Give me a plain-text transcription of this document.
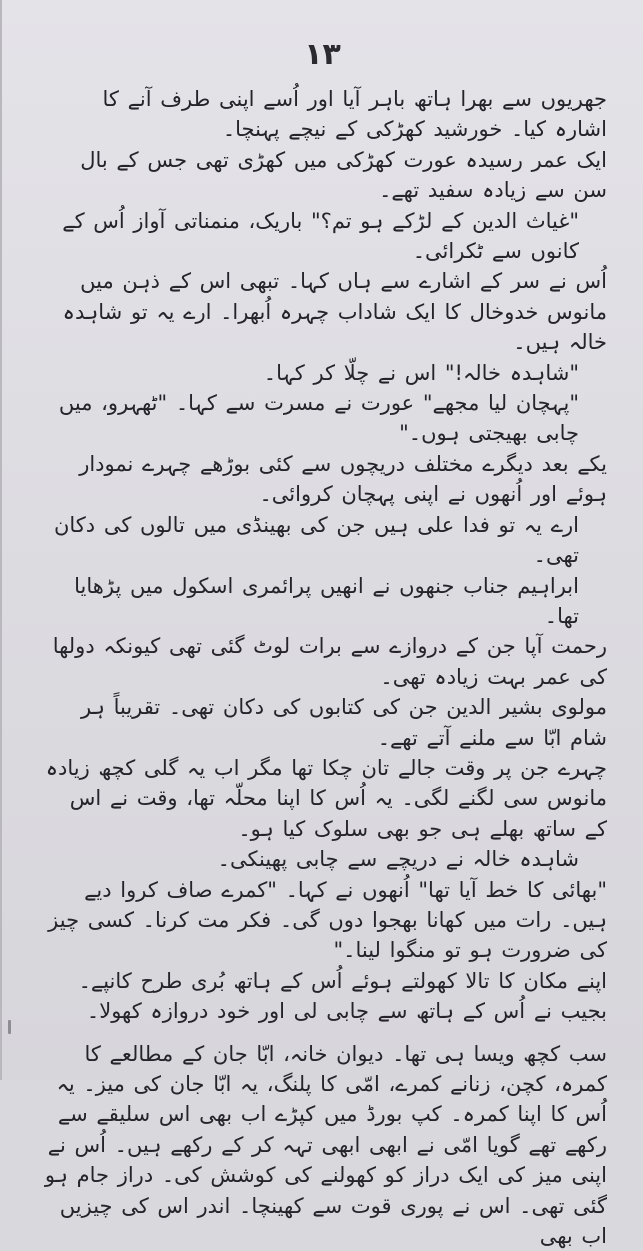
۱۳

جھریوں سے بھرا ہاتھ باہر آیا اور اُسے اپنی طرف آنے کا اشارہ کیا۔ خورشید کھڑکی کے نیچے پہنچا۔

ایک عمر رسیدہ عورت کھڑکی میں کھڑی تھی جس کے بال سن سے زیادہ سفید تھے۔

"غیاث الدین کے لڑکے ہو تم؟" باریک، منمناتی آواز اُس کے کانوں سے ٹکرائی۔

اُس نے سر کے اشارے سے ہاں کہا۔ تبھی اس کے ذہن میں مانوس خدوخال کا ایک شاداب چہرہ اُبھرا۔ ارے یہ تو شاہدہ خالہ ہیں۔

"شاہدہ خالہ!" اس نے چلّا کر کہا۔

"پہچان لیا مجھے" عورت نے مسرت سے کہا۔ "ٹھہرو، میں چابی بھیجتی ہوں۔"

یکے بعد دیگرے مختلف دریچوں سے کئی بوڑھے چہرے نمودار ہوئے اور اُنھوں نے اپنی پہچان کروائی۔

ارے یہ تو فدا علی ہیں جن کی بھینڈی میں تالوں کی دکان تھی۔

ابراہیم جناب جنھوں نے انھیں پرائمری اسکول میں پڑھایا تھا۔

رحمت آپا جن کے دروازے سے برات لوٹ گئی تھی کیونکہ دولھا کی عمر بہت زیادہ تھی۔

مولوی بشیر الدین جن کی کتابوں کی دکان تھی۔ تقریباً ہر شام ابّا سے ملنے آتے تھے۔

چہرے جن پر وقت جالے تان چکا تھا مگر اب یہ گلی کچھ زیادہ مانوس سی لگنے لگی۔ یہ اُس کا اپنا محلّہ تھا، وقت نے اس کے ساتھ بھلے ہی جو بھی سلوک کیا ہو۔

شاہدہ خالہ نے دریچے سے چابی پھینکی۔

"بھائی کا خط آیا تھا" اُنھوں نے کہا۔ "کمرے صاف کروا دیے ہیں۔ رات میں کھانا بھجوا دوں گی۔ فکر مت کرنا۔ کسی چیز کی ضرورت ہو تو منگوا لینا۔"

اپنے مکان کا تالا کھولتے ہوئے اُس کے ہاتھ بُری طرح کانپے۔ بجیب نے اُس کے ہاتھ سے چابی لی اور خود دروازہ کھولا۔

سب کچھ ویسا ہی تھا۔ دیوان خانہ، ابّا جان کے مطالعے کا کمرہ، کچن، زنانے کمرے، امّی کا پلنگ، یہ ابّا جان کی میز۔ یہ اُس کا اپنا کمرہ۔ کپ بورڈ میں کپڑے اب بھی اس سلیقے سے رکھے تھے گویا امّی نے ابھی ابھی تہہ کر کے رکھے ہیں۔ اُس نے اپنی میز کی ایک دراز کو کھولنے کی کوشش کی۔ دراز جام ہو گئی تھی۔ اس نے پوری قوت سے کھینچا۔ اندر اس کی چیزیں اب بھی
